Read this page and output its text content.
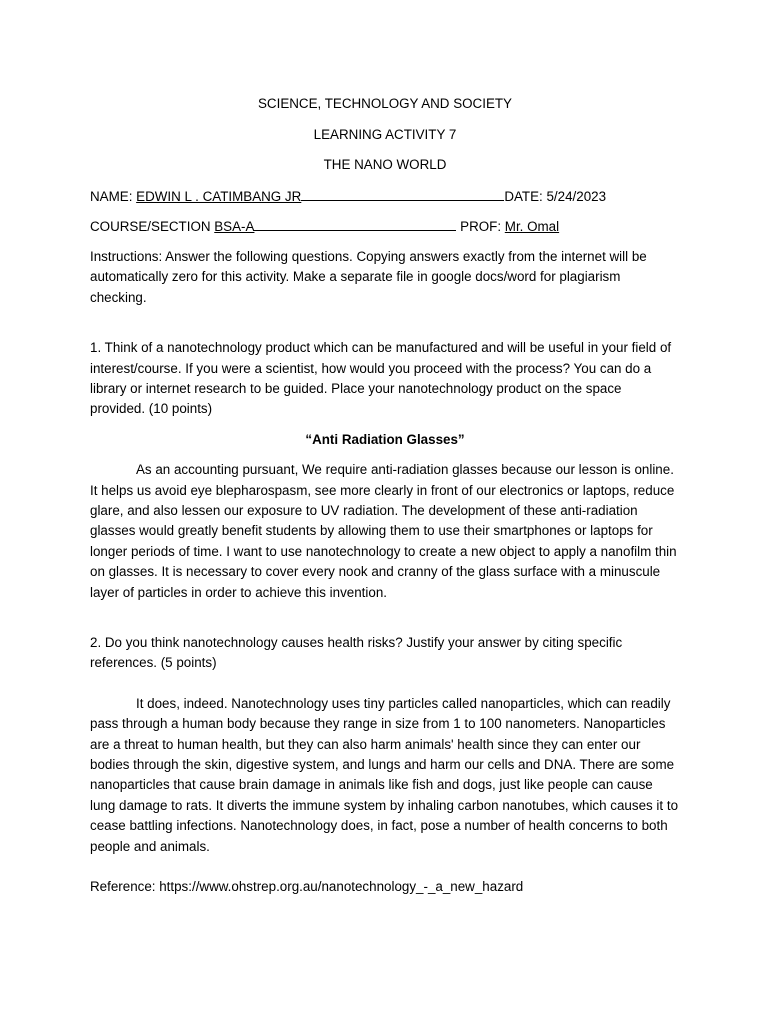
SCIENCE, TECHNOLOGY AND SOCIETY
LEARNING ACTIVITY 7
THE NANO WORLD
NAME: EDWIN L . CATIMBANG JR	DATE: 5/24/2023
COURSE/SECTION BSA-A	PROF: Mr. Omal

Instructions: Answer the following questions. Copying answers exactly from the internet will be automatically zero for this activity. Make a separate file in google docs/word for plagiarism checking.

1. Think of a nanotechnology product which can be manufactured and will be useful in your field of interest/course. If you were a scientist, how would you proceed with the process? You can do a library or internet research to be guided. Place your nanotechnology product on the space provided. (10 points)

“Anti Radiation Glasses”

As an accounting pursuant, We require anti-radiation glasses because our lesson is online. It helps us avoid eye blepharospasm, see more clearly in front of our electronics or laptops, reduce glare, and also lessen our exposure to UV radiation. The development of these anti-radiation glasses would greatly benefit students by allowing them to use their smartphones or laptops for longer periods of time. I want to use nanotechnology to create a new object to apply a nanofilm thin on glasses. It is necessary to cover every nook and cranny of the glass surface with a minuscule layer of particles in order to achieve this invention.

2. Do you think nanotechnology causes health risks? Justify your answer by citing specific references. (5 points)

It does, indeed. Nanotechnology uses tiny particles called nanoparticles, which can readily pass through a human body because they range in size from 1 to 100 nanometers. Nanoparticles are a threat to human health, but they can also harm animals' health since they can enter our bodies through the skin, digestive system, and lungs and harm our cells and DNA. There are some nanoparticles that cause brain damage in animals like fish and dogs, just like people can cause lung damage to rats. It diverts the immune system by inhaling carbon nanotubes, which causes it to cease battling infections. Nanotechnology does, in fact, pose a number of health concerns to both people and animals.

Reference: https://www.ohstrep.org.au/nanotechnology_-_a_new_hazard
